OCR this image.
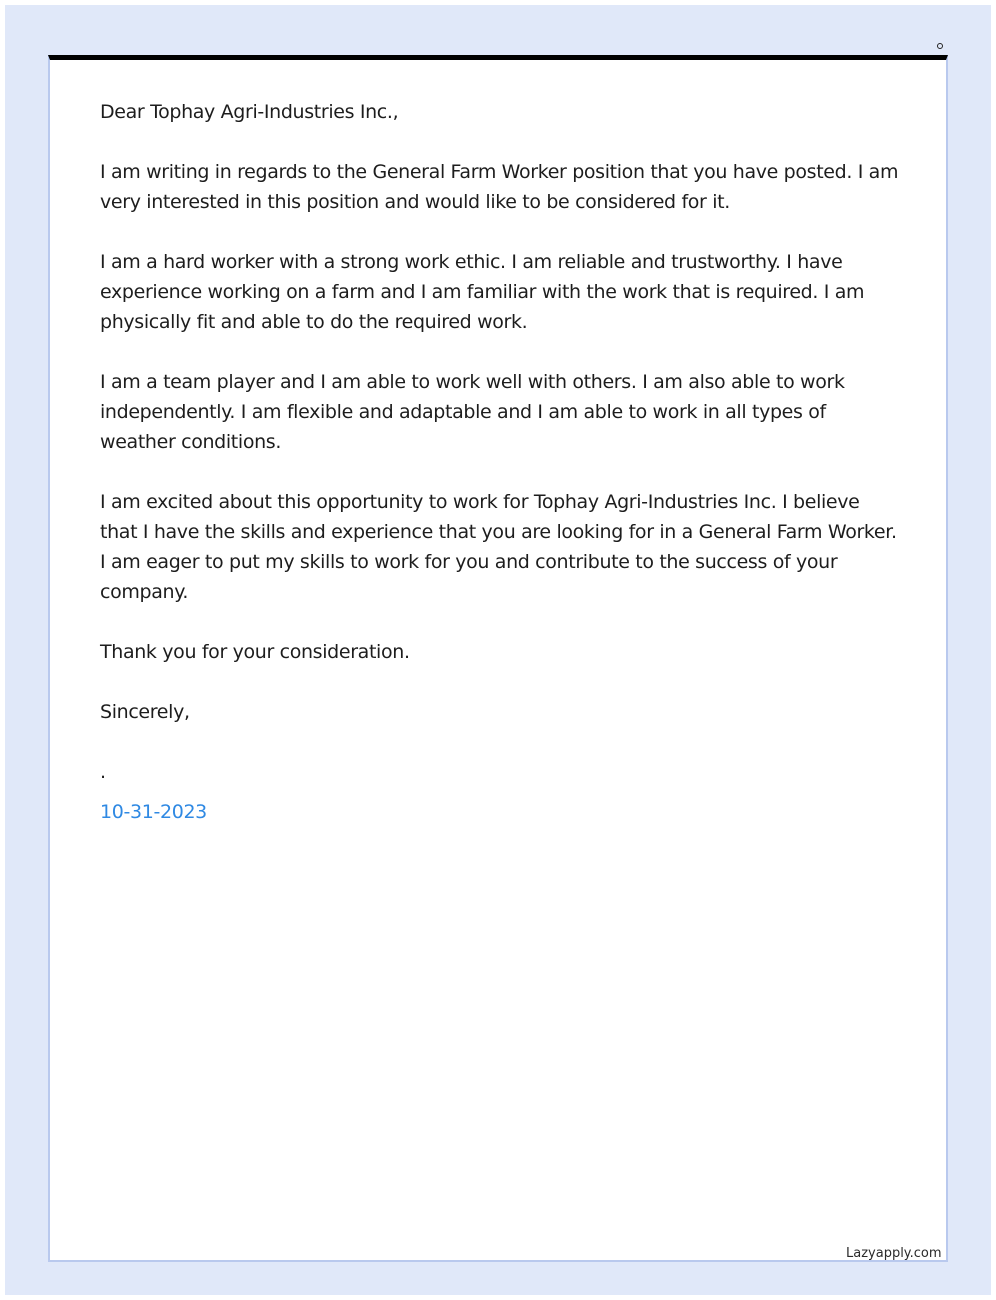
Dear Tophay Agri-Industries Inc.,

I am writing in regards to the General Farm Worker position that you have posted. I am very interested in this position and would like to be considered for it.

I am a hard worker with a strong work ethic. I am reliable and trustworthy. I have experience working on a farm and I am familiar with the work that is required. I am physically fit and able to do the required work.

I am a team player and I am able to work well with others. I am also able to work independently. I am flexible and adaptable and I am able to work in all types of weather conditions.

I am excited about this opportunity to work for Tophay Agri-Industries Inc. I believe that I have the skills and experience that you are looking for in a General Farm Worker. I am eager to put my skills to work for you and contribute to the success of your company.

Thank you for your consideration.

Sincerely,

.

10-31-2023

Lazyapply.com
